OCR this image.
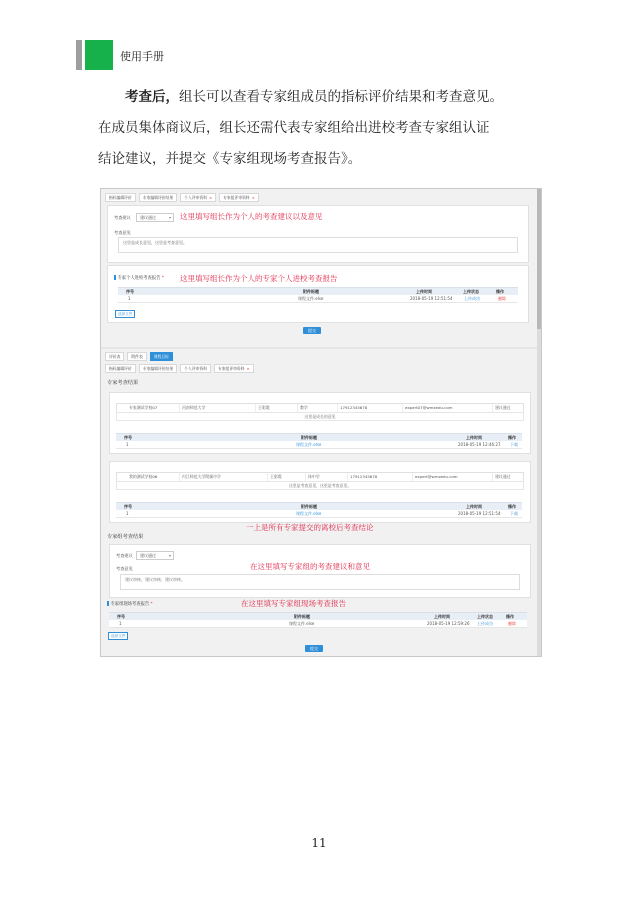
使用手册
考查后，组长可以查看专家组成员的指标评价结果和考查意见。
在成员集体商议后，组长还需代表专家组给出进校考查专家组认证
结论建议，并提交《专家组现场考查报告》。
指标编辑评价	专家编辑评价结果	个人评审资料 ×	专家组评审资料 ×
考查建议	建议通过	▾ 这里填写组长作为个人的考查建议以及意见
考查意见
这里是成长意见，这里是考查意见。
专家个人进校考查报告 * 这里填写组长作为个人的专家个人进校考查报告
序号	附件标题	上传时间	上传状态	操作
1	课程文件.else	2018-05-19 12:51:54	上传成功	删除
选择文件
提交
评价表	附件表	课程目标
指标编辑评价	专家编辑评价结果	个人评审资料	专家组评审资料 ×
专家考查结果
专家测试学校07	河南师范大学	王彩霞	教学	17912345678	expert07@wmxedu.com	建议通过
这里是成长的意见
序号	附件标题	上传时间	操作
1	课程文件.else	2018-05-19 12:46:27 下载
我的测试学校06	内江师范大学附属中学	王彩霞	体中学	17912345678	expert@wmxedu.com	建议通过
这里是考查意见，这里是考查意见。
序号	附件标题	上传时间	操作
1	课程文件.else	2018-05-19 12:51:54 下载
一上是所有专家提交的离校后考查结论
专家组考查结果
考查建议	建议通过	▾
考查意见	在这里填写专家组的考查建议和意见
建议审核，建议审核，建议审核。
专家组现场考查报告 *	在这里填写专家组现场考查报告
序号	附件标题	上传时间	上传状态	操作
1	课程文件.else	2018-05-19 12:59:26 上传成功	删除
选择文件
提交
11
